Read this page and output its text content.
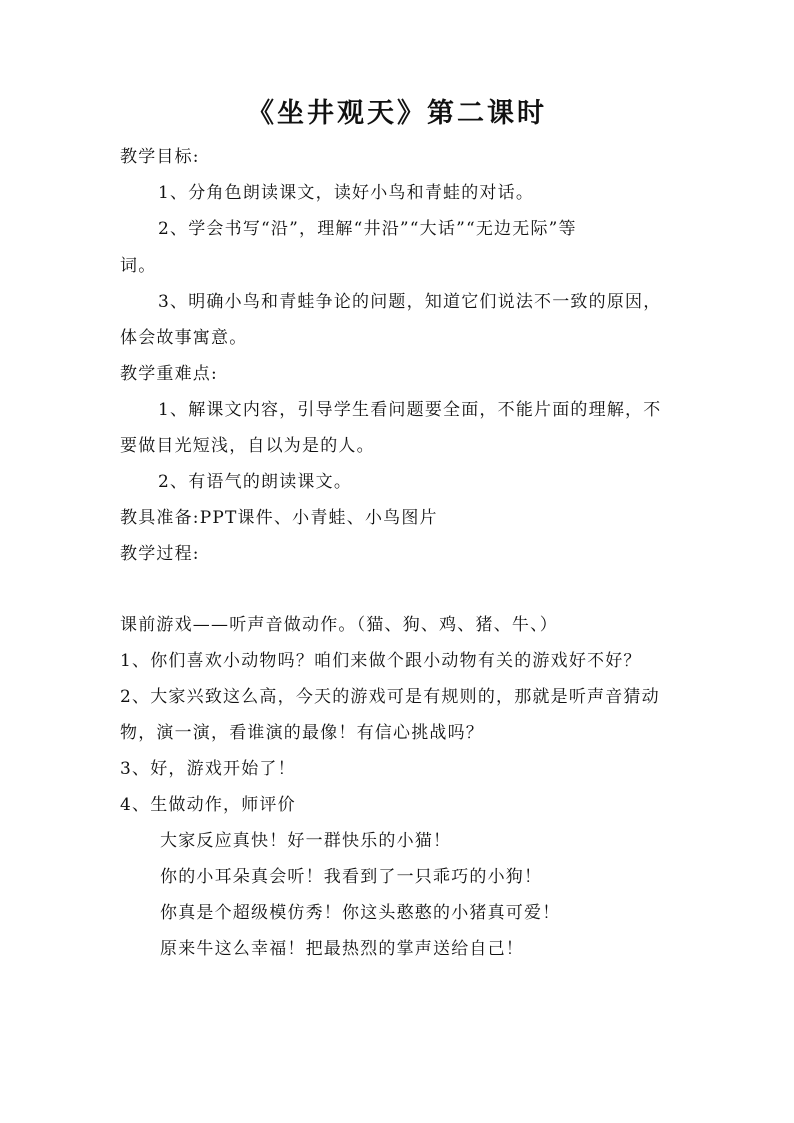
《坐井观天》第二课时
教学目标:
1、分角色朗读课文，读好小鸟和青蛙的对话。
2、学会书写“沿”，理解“井沿”“大话”“无边无际”等
词。
3、明确小鸟和青蛙争论的问题，知道它们说法不一致的原因，
体会故事寓意。
教学重难点:
1、解课文内容，引导学生看问题要全面，不能片面的理解，不
要做目光短浅，自以为是的人。
2、有语气的朗读课文。
教具准备:PPT课件、小青蛙、小鸟图片
教学过程:
课前游戏——听声音做动作。（猫、狗、鸡、猪、牛、）
1、你们喜欢小动物吗？咱们来做个跟小动物有关的游戏好不好？
2、大家兴致这么高，今天的游戏可是有规则的，那就是听声音猜动
物，演一演，看谁演的最像！有信心挑战吗？
3、好，游戏开始了！
4、生做动作，师评价
大家反应真快！好一群快乐的小猫！
你的小耳朵真会听！我看到了一只乖巧的小狗！
你真是个超级模仿秀！你这头憨憨的小猪真可爱！
原来牛这么幸福！把最热烈的掌声送给自己！
